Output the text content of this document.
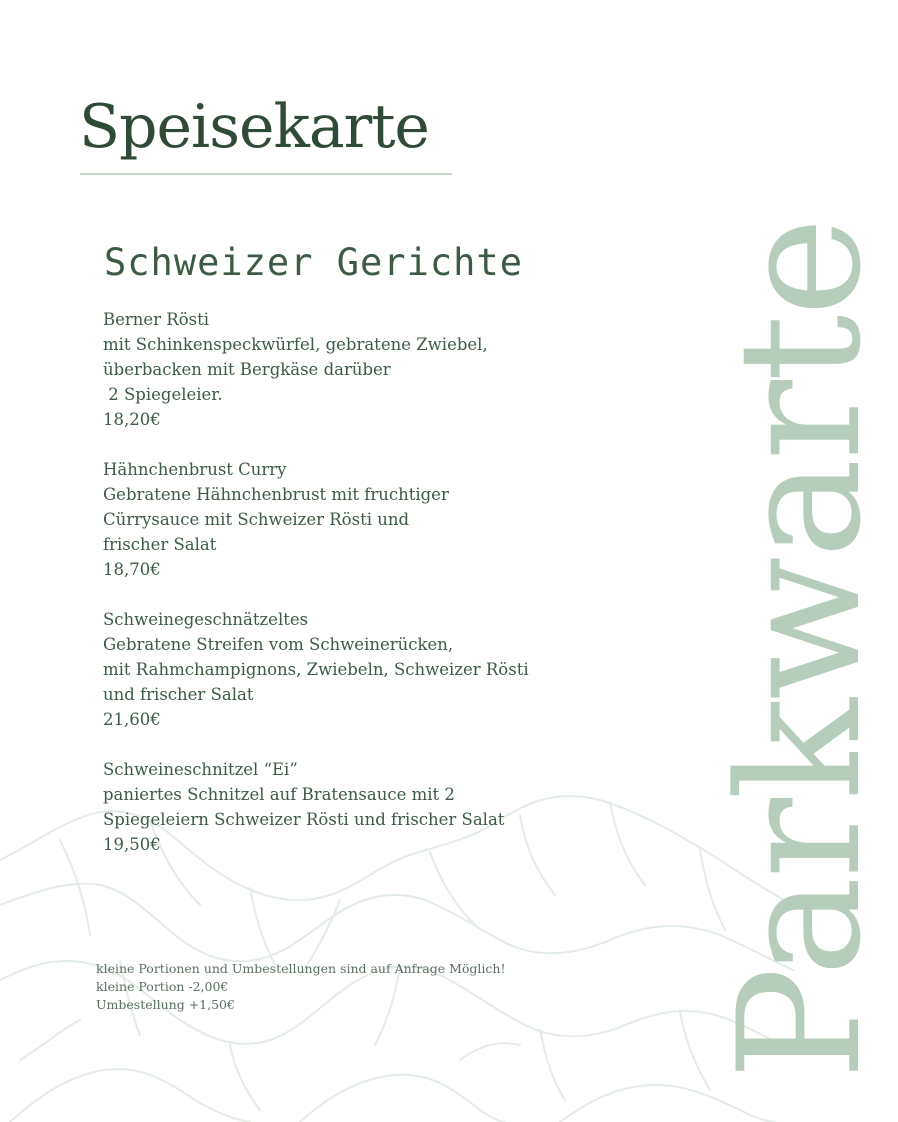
Parkwarte
Speisekarte
Schweizer Gerichte
Berner Rösti
mit Schinkenspeckwürfel, gebratene Zwiebel,
überbacken mit Bergkäse darüber
2 Spiegeleier.
18,20€
Hähnchenbrust Curry
Gebratene Hähnchenbrust mit fruchtiger
Cürrysauce mit Schweizer Rösti und
frischer Salat
18,70€
Schweinegeschnätzeltes
Gebratene Streifen vom Schweinerücken,
mit Rahmchampignons, Zwiebeln, Schweizer Rösti
und frischer Salat
21,60€
Schweineschnitzel “Ei”
paniertes Schnitzel auf Bratensauce mit 2
Spiegeleiern Schweizer Rösti und frischer Salat
19,50€
kleine Portionen und Umbestellungen sind auf Anfrage Möglich!
kleine Portion -2,00€
Umbestellung +1,50€
